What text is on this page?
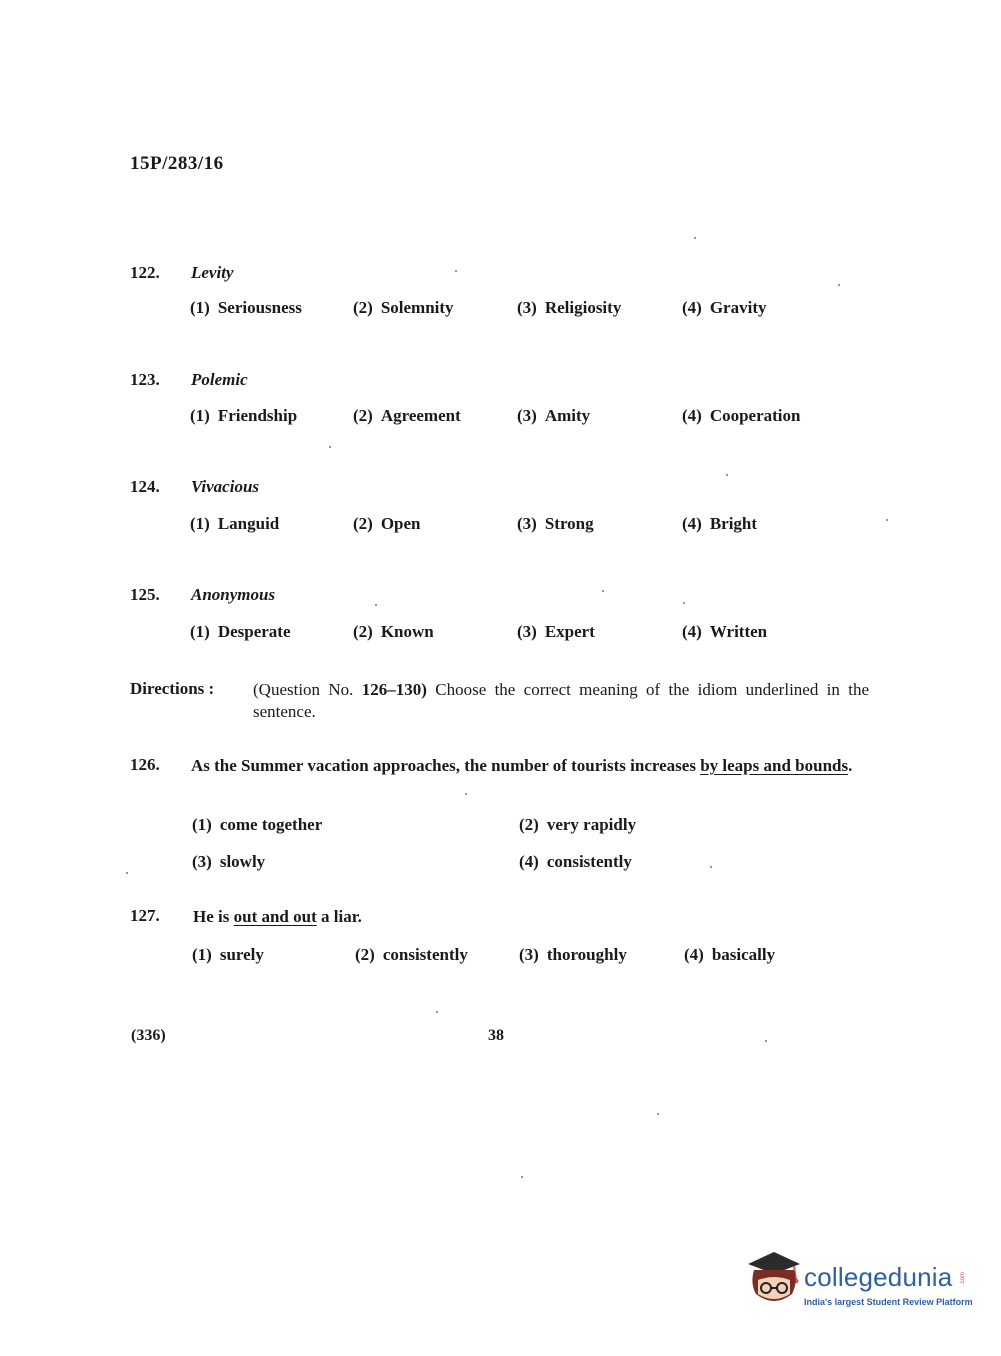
15P/283/16
122. Levity
(1) Seriousness	(2) Solemnity	(3) Religiosity	(4) Gravity
123. Polemic
(1) Friendship	(2) Agreement	(3) Amity	(4) Cooperation
124. Vivacious
(1) Languid	(2) Open	(3) Strong	(4) Bright
125. Anonymous
(1) Desperate	(2) Known	(3) Expert	(4) Written
Directions : (Question No. 126–130) Choose the correct meaning of the idiom underlined in the sentence.
126. As the Summer vacation approaches, the number of tourists increases by leaps and bounds.
(1) come together	(2) very rapidly
(3) slowly	(4) consistently
127. He is out and out a liar.
(1) surely	(2) consistently	(3) thoroughly	(4) basically
(336)	38
collegedunia .com
India's largest Student Review Platform
